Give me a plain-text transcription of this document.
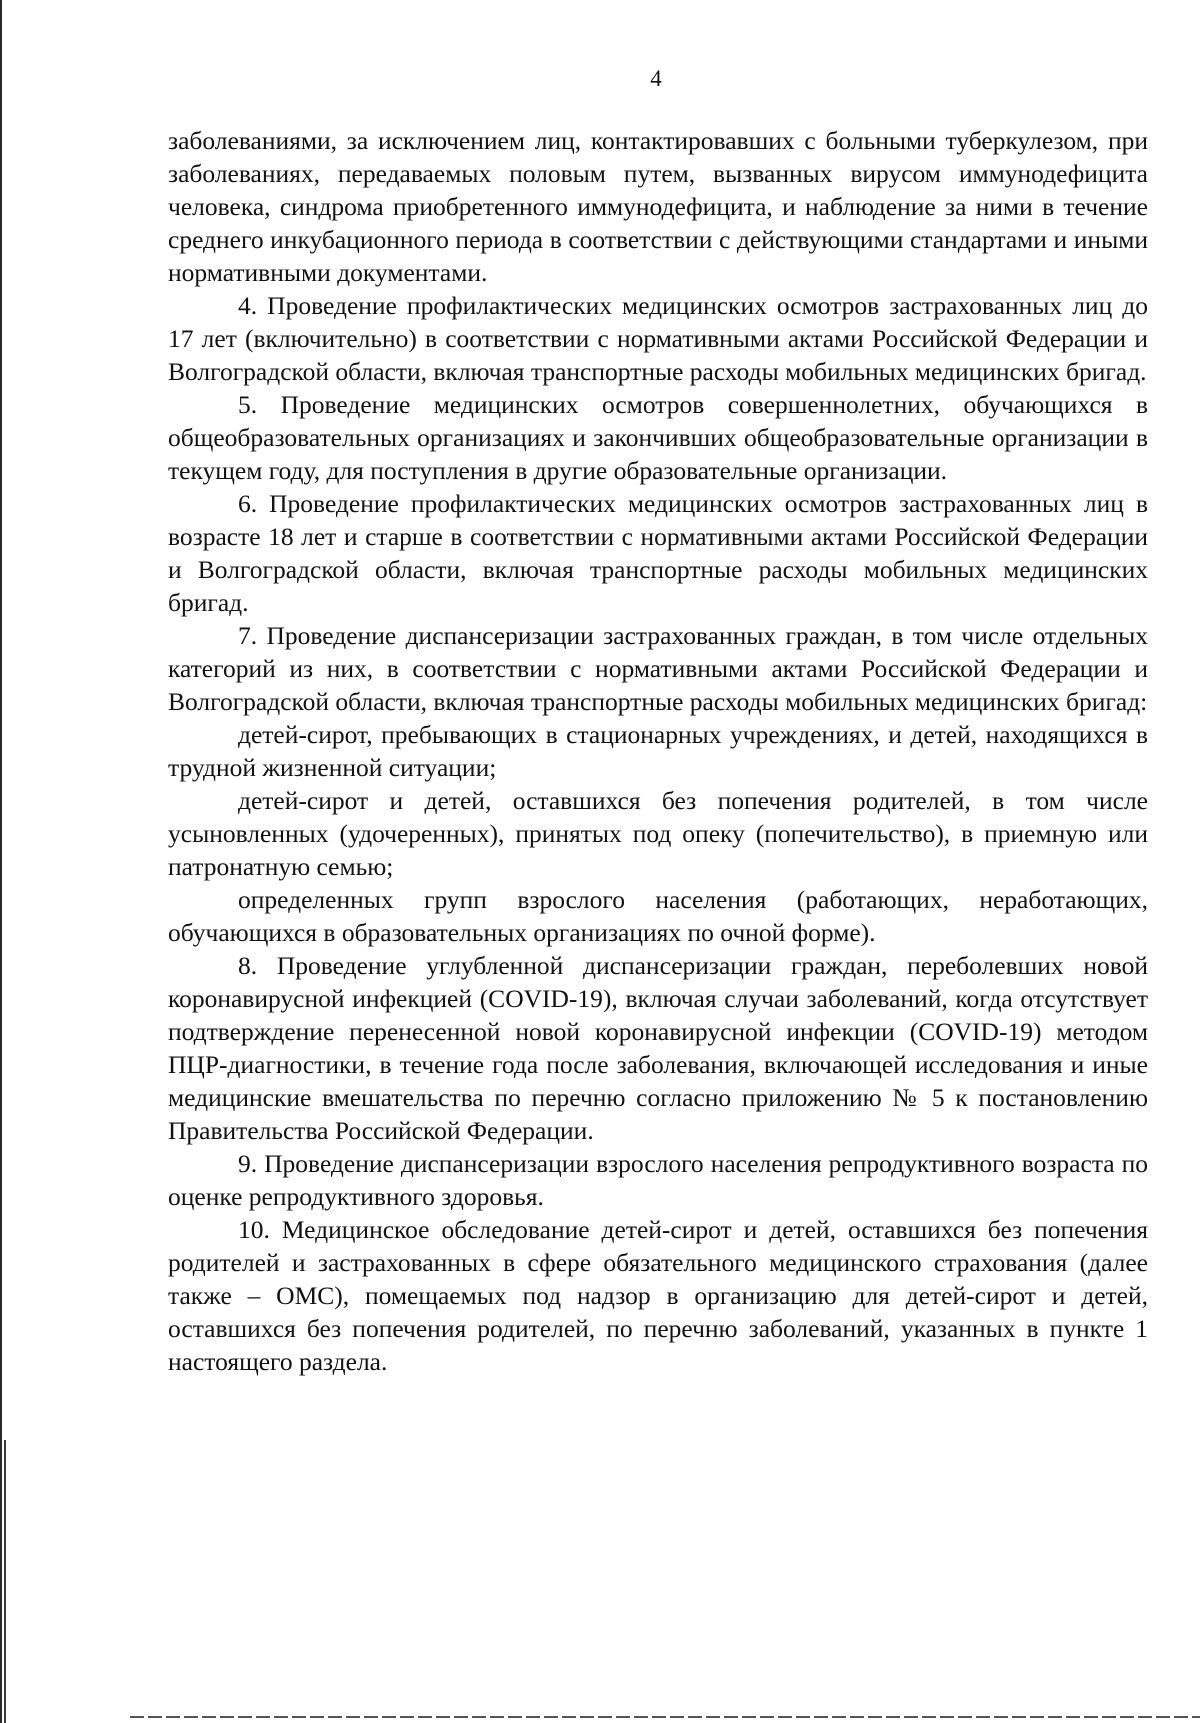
4

заболеваниями, за исключением лиц, контактировавших с больными туберкулезом, при заболеваниях, передаваемых половым путем, вызванных вирусом иммунодефицита человека, синдрома приобретенного иммунодефицита, и наблюдение за ними в течение среднего инкубационного периода в соответствии с действующими стандартами и иными нормативными документами.

4. Проведение профилактических медицинских осмотров застрахованных лиц до 17 лет (включительно) в соответствии с нормативными актами Российской Федерации и Волгоградской области, включая транспортные расходы мобильных медицинских бригад.

5. Проведение медицинских осмотров совершеннолетних, обучающихся в общеобразовательных организациях и закончивших общеобразовательные организации в текущем году, для поступления в другие образовательные организации.

6. Проведение профилактических медицинских осмотров застрахованных лиц в возрасте 18 лет и старше в соответствии с нормативными актами Российской Федерации и Волгоградской области, включая транспортные расходы мобильных медицинских бригад.

7. Проведение диспансеризации застрахованных граждан, в том числе отдельных категорий из них, в соответствии с нормативными актами Российской Федерации и Волгоградской области, включая транспортные расходы мобильных медицинских бригад:

детей-сирот, пребывающих в стационарных учреждениях, и детей, находящихся в трудной жизненной ситуации;

детей-сирот и детей, оставшихся без попечения родителей, в том числе усыновленных (удочеренных), принятых под опеку (попечительство), в приемную или патронатную семью;

определенных групп взрослого населения (работающих, неработающих, обучающихся в образовательных организациях по очной форме).

8. Проведение углубленной диспансеризации граждан, переболевших новой коронавирусной инфекцией (COVID-19), включая случаи заболеваний, когда отсутствует подтверждение перенесенной новой коронавирусной инфекции (COVID-19) методом ПЦР-диагностики, в течение года после заболевания, включающей исследования и иные медицинские вмешательства по перечню согласно приложению № 5 к постановлению Правительства Российской Федерации.

9. Проведение диспансеризации взрослого населения репродуктивного возраста по оценке репродуктивного здоровья.

10. Медицинское обследование детей-сирот и детей, оставшихся без попечения родителей и застрахованных в сфере обязательного медицинского страхования (далее также – ОМС), помещаемых под надзор в организацию для детей-сирот и детей, оставшихся без попечения родителей, по перечню заболеваний, указанных в пункте 1 настоящего раздела.
